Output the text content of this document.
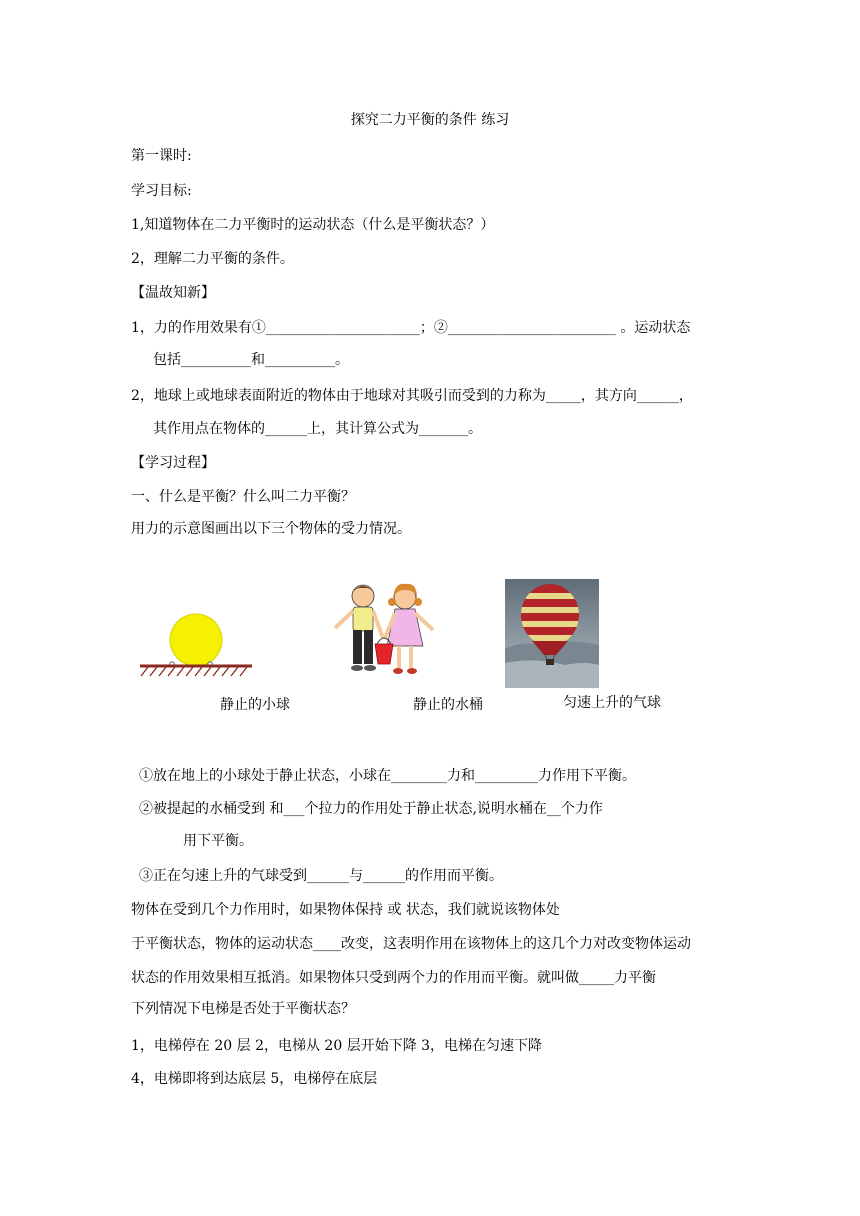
探究二力平衡的条件 练习
第一课时:
学习目标:
1,知道物体在二力平衡时的运动状态（什么是平衡状态？）
2，理解二力平衡的条件。
【温故知新】
1，力的作用效果有①______________________；②________________________ 。运动状态
包括__________和__________。
2，地球上或地球表面附近的物体由于地球对其吸引而受到的力称为_____，其方向______，
其作用点在物体的______上，其计算公式为_______。
【学习过程】
一、什么是平衡？什么叫二力平衡？
用力的示意图画出以下三个物体的受力情况。
静止的小球	静止的水桶	匀速上升的气球
①放在地上的小球处于静止状态，小球在________力和_________力作用下平衡。
②被提起的水桶受到 和___个拉力的作用处于静止状态,说明水桶在__个力作
用下平衡。
③正在匀速上升的气球受到______与______的作用而平衡。
物体在受到几个力作用时，如果物体保持 或 状态，我们就说该物体处
于平衡状态，物体的运动状态____改变，这表明作用在该物体上的这几个力对改变物体运动
状态的作用效果相互抵消。如果物体只受到两个力的作用而平衡。就叫做_____力平衡
下列情况下电梯是否处于平衡状态？
1，电梯停在 20 层 2，电梯从 20 层开始下降 3，电梯在匀速下降
4，电梯即将到达底层 5，电梯停在底层
